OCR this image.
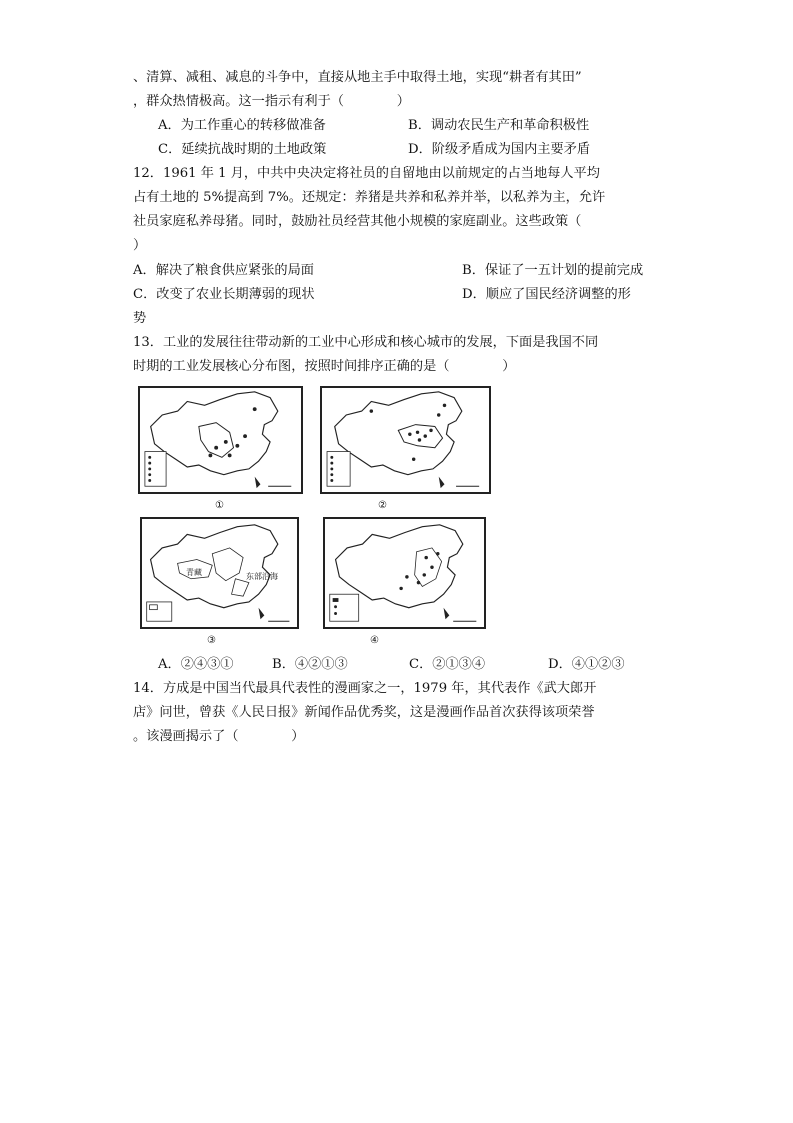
、清算、减租、减息的斗争中，直接从地主手中取得土地，实现“耕者有其田”
，群众热情极高。这一指示有利于（　　　　）
A．为工作重心的转移做准备	B．调动农民生产和革命积极性
C．延续抗战时期的土地政策	D．阶级矛盾成为国内主要矛盾
12．1961 年 1 月，中共中央决定将社员的自留地由以前规定的占当地每人平均
占有土地的 5%提高到 7%。还规定：养猪是共养和私养并举，以私养为主，允许
社员家庭私养母猪。同时，鼓励社员经营其他小规模的家庭副业。这些政策（
）
A．解决了粮食供应紧张的局面	B．保证了一五计划的提前完成
C．改变了农业长期薄弱的现状	D．顺应了国民经济调整的形
势
13．工业的发展往往带动新的工业中心形成和核心城市的发展，下面是我国不同
时期的工业发展核心分布图，按照时间排序正确的是（　　　　）
①	②
青藏	东部沿海
③	④
A．②④③①	B．④②①③	C．②①③④	D．④①②③
14．方成是中国当代最具代表性的漫画家之一，1979 年，其代表作《武大郎开
店》问世，曾获《人民日报》新闻作品优秀奖，这是漫画作品首次获得该项荣誉
。该漫画揭示了（　　　　）
